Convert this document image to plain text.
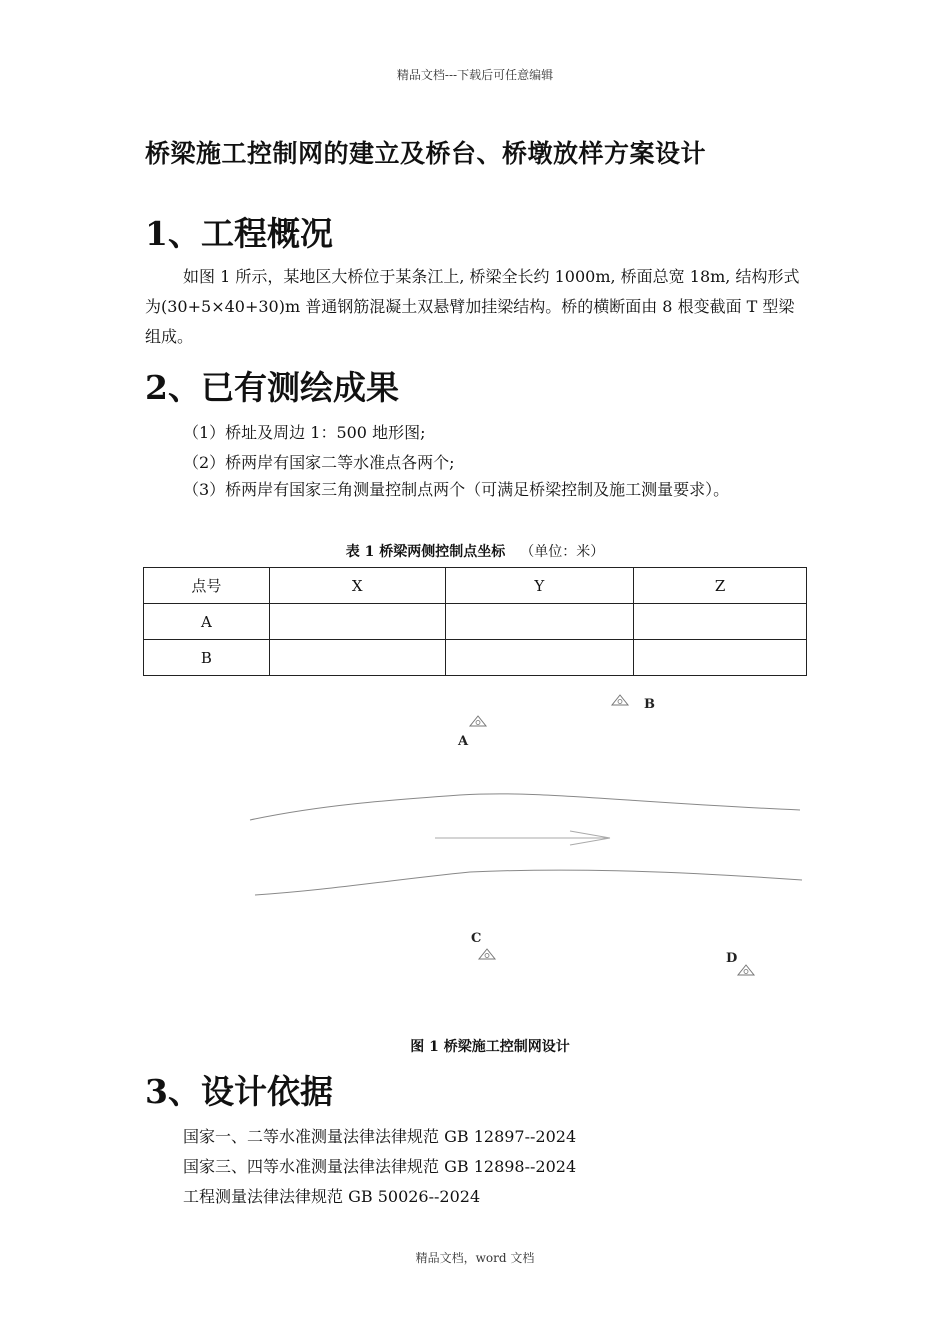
精品文档---下载后可任意编辑
桥梁施工控制网的建立及桥台、桥墩放样方案设计
1、工程概况
如图 1 所示，某地区大桥位于某条江上, 桥梁全长约 1000m, 桥面总宽 18m, 结构形式为(30+5×40+30)m 普通钢筋混凝土双悬臂加挂梁结构。桥的横断面由 8 根变截面 T 型梁组成。
2、已有测绘成果
（1）桥址及周边 1：500 地形图;
（2）桥两岸有国家二等水准点各两个;
（3）桥两岸有国家三角测量控制点两个（可满足桥梁控制及施工测量要求）。
表 1 桥梁两侧控制点坐标 （单位：米）
点号	X	Y	Z
A			
B			
A
B
C
D
图 1 桥梁施工控制网设计
3、设计依据
国家一、二等水准测量法律法律规范 GB 12897--2024
国家三、四等水准测量法律法律规范 GB 12898--2024
工程测量法律法律规范 GB 50026--2024
精品文档，word 文档
